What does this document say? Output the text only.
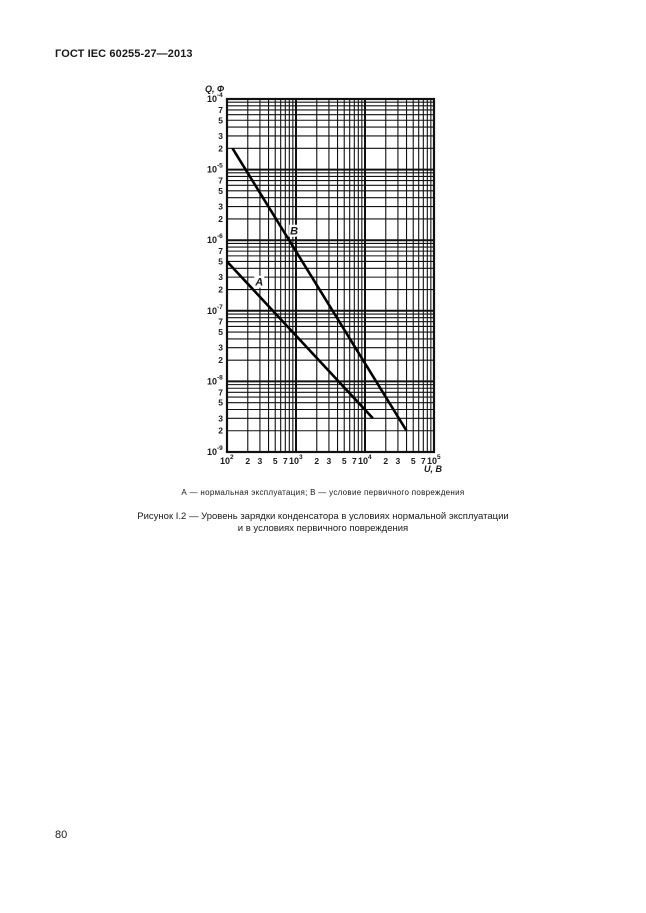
ГОСТ IEC 60255-27—2013
A
B
10 2	10 3	10 4	10 5
2 3 5 7	2 3 5 7	2 3 5 7
10 -9
10 -8
10 -7
10 -6
10 -5
10 -4
2
3
5
7
2
3
5
7
2
3
5
7
2
3
5
7
2
3
5
7
Q, Ф
U, В
А — нормальная эксплуатация; В — условие первичного повреждения
Рисунок I.2 — Уровень зарядки конденсатора в условиях нормальной эксплуатации
и в условиях первичного повреждения
80
